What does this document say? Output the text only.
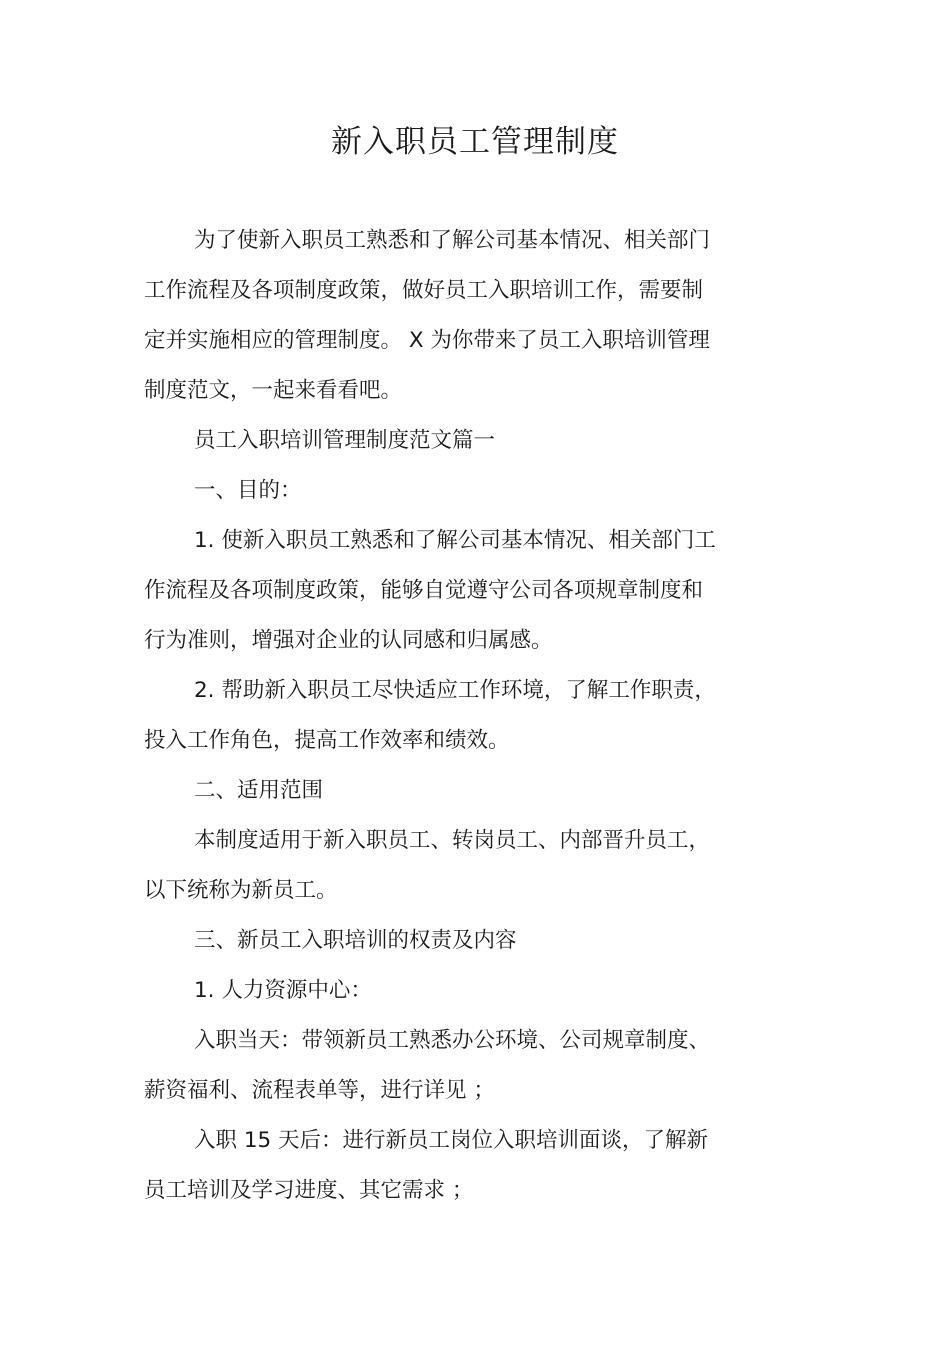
新入职员工管理制度

为了使新入职员工熟悉和了解公司基本情况、相关部门

工作流程及各项制度政策，做好员工入职培训工作，需要制

定并实施相应的管理制度。 X 为你带来了员工入职培训管理

制度范文，一起来看看吧。

员工入职培训管理制度范文篇一

一、目的：

1. 使新入职员工熟悉和了解公司基本情况、相关部门工

作流程及各项制度政策，能够自觉遵守公司各项规章制度和

行为准则，增强对企业的认同感和归属感。

2. 帮助新入职员工尽快适应工作环境，了解工作职责，

投入工作角色，提高工作效率和绩效。

二、适用范围

本制度适用于新入职员工、转岗员工、内部晋升员工，

以下统称为新员工。

三、新员工入职培训的权责及内容

1. 人力资源中心：

入职当天：带领新员工熟悉办公环境、公司规章制度、

薪资福利、流程表单等，进行详见 ；

入职 15 天后：进行新员工岗位入职培训面谈，了解新

员工培训及学习进度、其它需求 ；
